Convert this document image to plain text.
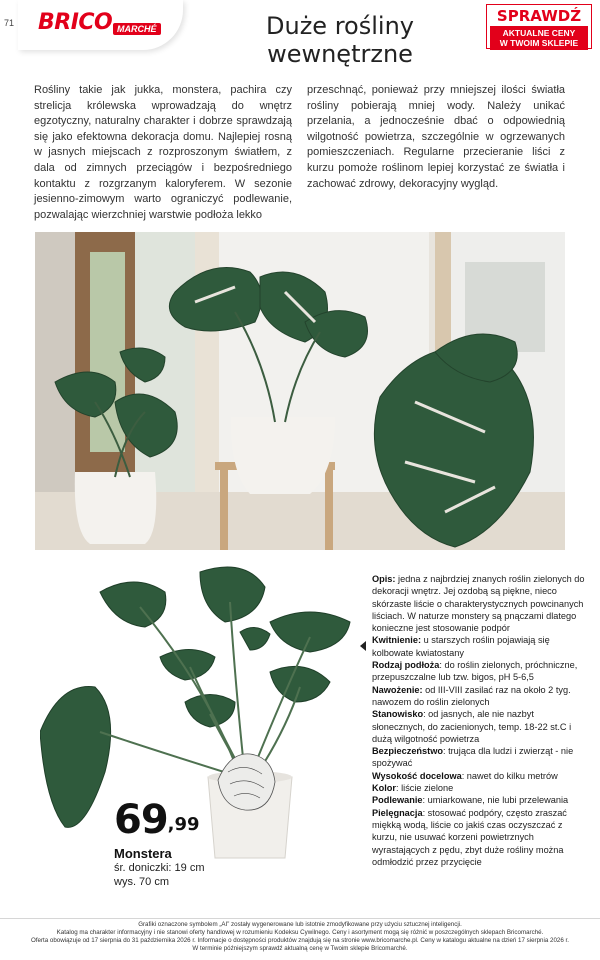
71 BRICO MARCHÉ	Duże rośliny
wewnętrzne
SPRAWDŹ
AKTUALNE CENY
W TWOIM SKLEPIE

Rośliny takie jak jukka, monstera, pachira czy strelicja królewska wprowadzają do wnętrz egzotyczny, naturalny charakter i dobrze sprawdzają się jako efektowna dekoracja domu. Najlepiej rosną w jasnych miejscach z rozproszonym światłem, z dala od zimnych przeciągów i bezpośredniego kontaktu z rozgrzanym kaloryferem. W sezonie jesienno-zimowym warto ograniczyć podlewanie, pozwalając wierzchniej warstwie podłoża lekko

przeschnąć, ponieważ przy mniejszej ilości światła rośliny pobierają mniej wody. Należy unikać przelania, a jednocześnie dbać o odpowiednią wilgotność powietrza, szczególnie w ogrzewanych pomieszczeniach. Regularne przecieranie liści z kurzu pomoże roślinom lepiej korzystać ze światła i zachować zdrowy, dekoracyjny wygląd.

69,99
Monstera
śr. doniczki: 19 cm
wys. 70 cm

Opis: jedna z najbrdziej znanych roślin zielonych do dekoracji wnętrz. Jej ozdobą są piękne, nieco skórzaste liście o charakterystycznych powcinanych liściach. W naturze monstery są pnączami dlatego konieczne jest stosowanie podpór

Kwitnienie: u starszych roślin pojawiają się kolbowate kwiatostany

Rodzaj podłoża: do roślin zielonych, próchniczne, przepuszczalne lub tzw. bigos, pH 5-6,5

Nawożenie: od III-VIII zasilać raz na około 2 tyg. nawozem do roślin zielonych

Stanowisko: od jasnych, ale nie nazbyt słonecznych, do zacienionych, temp. 18-22 st.C i dużą wilgotność powietrza

Bezpieczeństwo: trująca dla ludzi i zwierząt - nie spożywać

Wysokość docelowa: nawet do kilku metrów

Kolor: liście zielone

Podlewanie: umiarkowane, nie lubi przelewania

Pielęgnacja: stosować podpóry, często zraszać miękką wodą, liście co jakiś czas oczyszczać z kurzu, nie usuwać korzeni powietrznych wyrastających z pędu, zbyt duże rośliny można odmłodzić przez przycięcie

Grafiki oznaczone symbolem „AI” zostały wygenerowane lub istotnie zmodyfikowane przy użyciu sztucznej inteligencji.
Katalog ma charakter informacyjny i nie stanowi oferty handlowej w rozumieniu Kodeksu Cywilnego. Ceny i asortyment mogą się różnić w poszczególnych sklepach Bricomarché.
Oferta obowiązuje od 17 sierpnia do 31 października 2026 r. Informacje o dostępności produktów znajdują się na stronie www.bricomarche.pl. Ceny w katalogu aktualne na dzień 17 sierpnia 2026 r.
W terminie późniejszym sprawdź aktualną cenę w Twoim sklepie Bricomarché.
